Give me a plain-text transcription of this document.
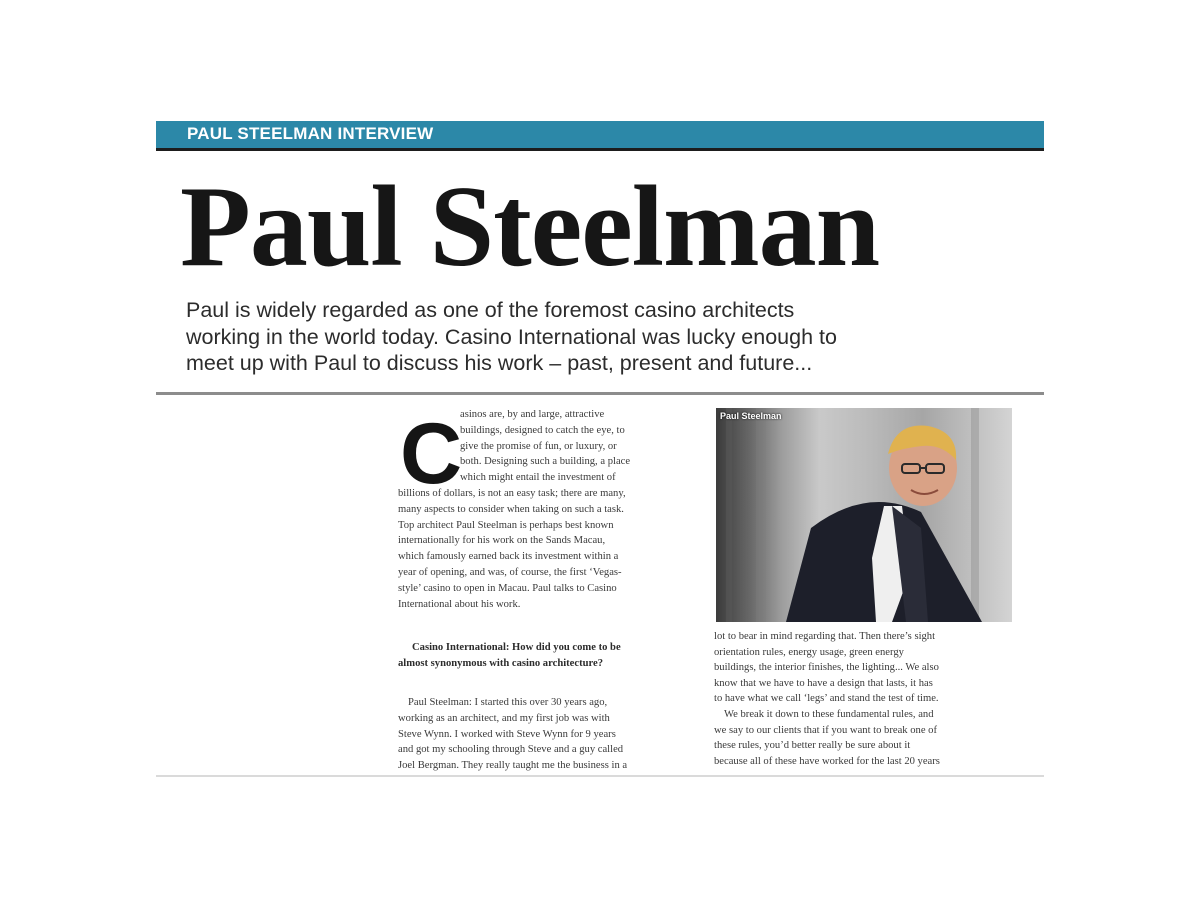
PAUL STEELMAN INTERVIEW
Paul Steelman
Paul is widely regarded as one of the foremost casino architects
working in the world today. Casino International was lucky enough to
meet up with Paul to discuss his work – past, present and future...
C
asinos are, by and large, attractive
buildings, designed to catch the eye, to
give the promise of fun, or luxury, or
both. Designing such a building, a place
which might entail the investment of
billions of dollars, is not an easy task; there are many,
many aspects to consider when taking on such a task.
Top architect Paul Steelman is perhaps best known
internationally for his work on the Sands Macau,
which famously earned back its investment within a
year of opening, and was, of course, the first ‘Vegas-
style’ casino to open in Macau. Paul talks to Casino
International about his work.
Casino International: How did you come to be
almost synonymous with casino architecture?
Paul Steelman: I started this over 30 years ago,
working as an architect, and my first job was with
Steve Wynn. I worked with Steve Wynn for 9 years
and got my schooling through Steve and a guy called
Joel Bergman. They really taught me the business in a
Paul Steelman
lot to bear in mind regarding that. Then there’s sight
orientation rules, energy usage, green energy
buildings, the interior finishes, the lighting... We also
know that we have to have a design that lasts, it has
to have what we call ‘legs’ and stand the test of time.
We break it down to these fundamental rules, and
we say to our clients that if you want to break one of
these rules, you’d better really be sure about it
because all of these have worked for the last 20 years
